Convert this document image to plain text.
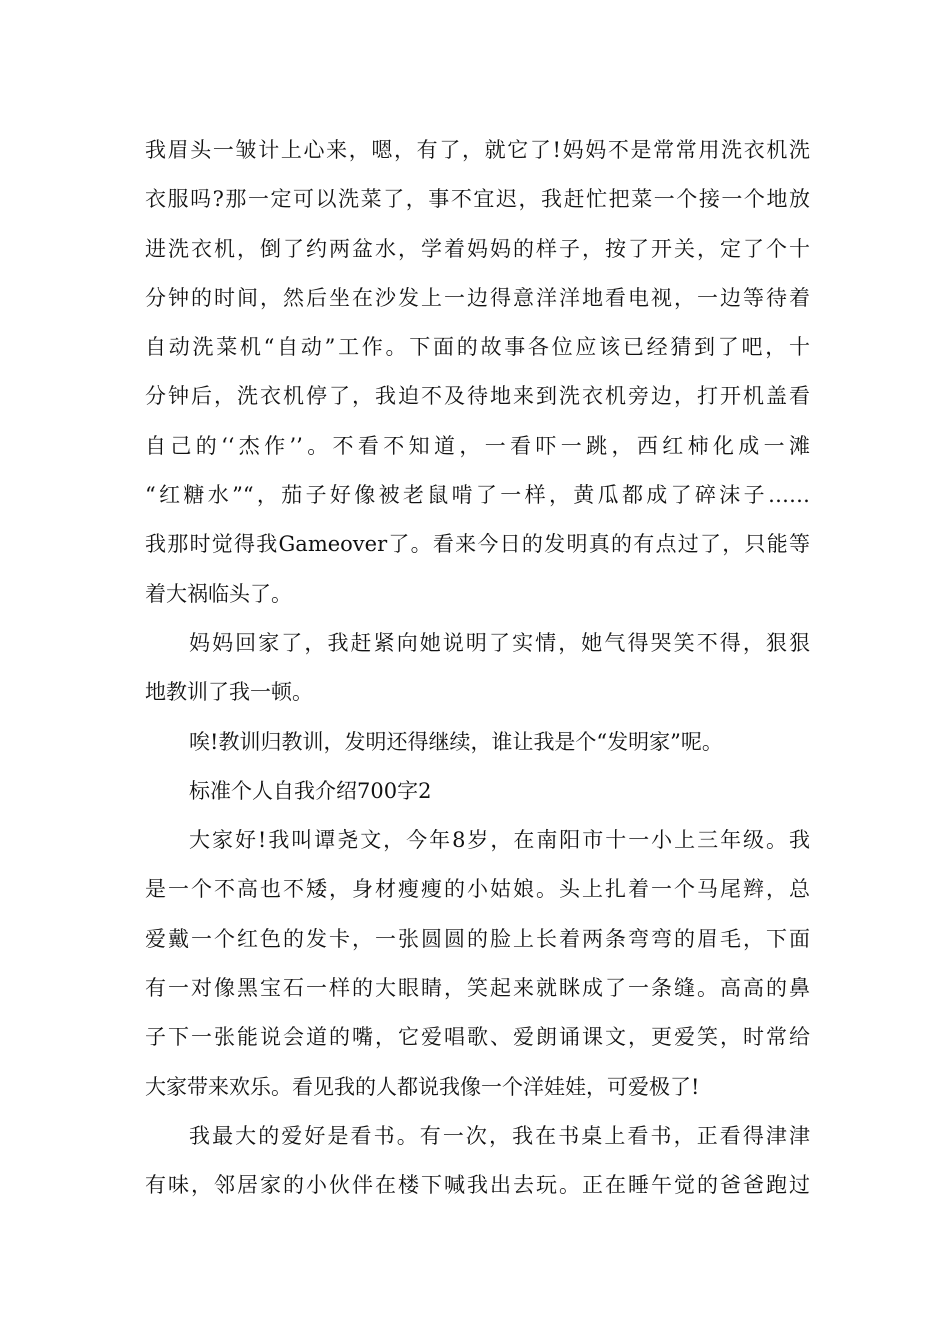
我眉头一皱计上心来，嗯，有了，就它了!妈妈不是常常用洗衣机洗
衣服吗?那一定可以洗菜了，事不宜迟，我赶忙把菜一个接一个地放
进洗衣机，倒了约两盆水，学着妈妈的样子，按了开关，定了个十
分钟的时间，然后坐在沙发上一边得意洋洋地看电视，一边等待着
自动洗菜机“自动”工作。下面的故事各位应该已经猜到了吧，十
分钟后，洗衣机停了，我迫不及待地来到洗衣机旁边，打开机盖看
自己的‘‘杰作’’。不看不知道，一看吓一跳，西红柿化成一滩
“红糖水”“，茄子好像被老鼠啃了一样，黄瓜都成了碎沫子……
我那时觉得我Gameover了。看来今日的发明真的有点过了，只能等
着大祸临头了。
妈妈回家了，我赶紧向她说明了实情，她气得哭笑不得，狠狠
地教训了我一顿。
唉!教训归教训，发明还得继续，谁让我是个“发明家”呢。
标准个人自我介绍700字2
大家好!我叫谭尧文，今年8岁，在南阳市十一小上三年级。我
是一个不高也不矮，身材瘦瘦的小姑娘。头上扎着一个马尾辫，总
爱戴一个红色的发卡，一张圆圆的脸上长着两条弯弯的眉毛，下面
有一对像黑宝石一样的大眼睛，笑起来就眯成了一条缝。高高的鼻
子下一张能说会道的嘴，它爱唱歌、爱朗诵课文，更爱笑，时常给
大家带来欢乐。看见我的人都说我像一个洋娃娃，可爱极了!
我最大的爱好是看书。有一次，我在书桌上看书，正看得津津
有味，邻居家的小伙伴在楼下喊我出去玩。正在睡午觉的爸爸跑过
